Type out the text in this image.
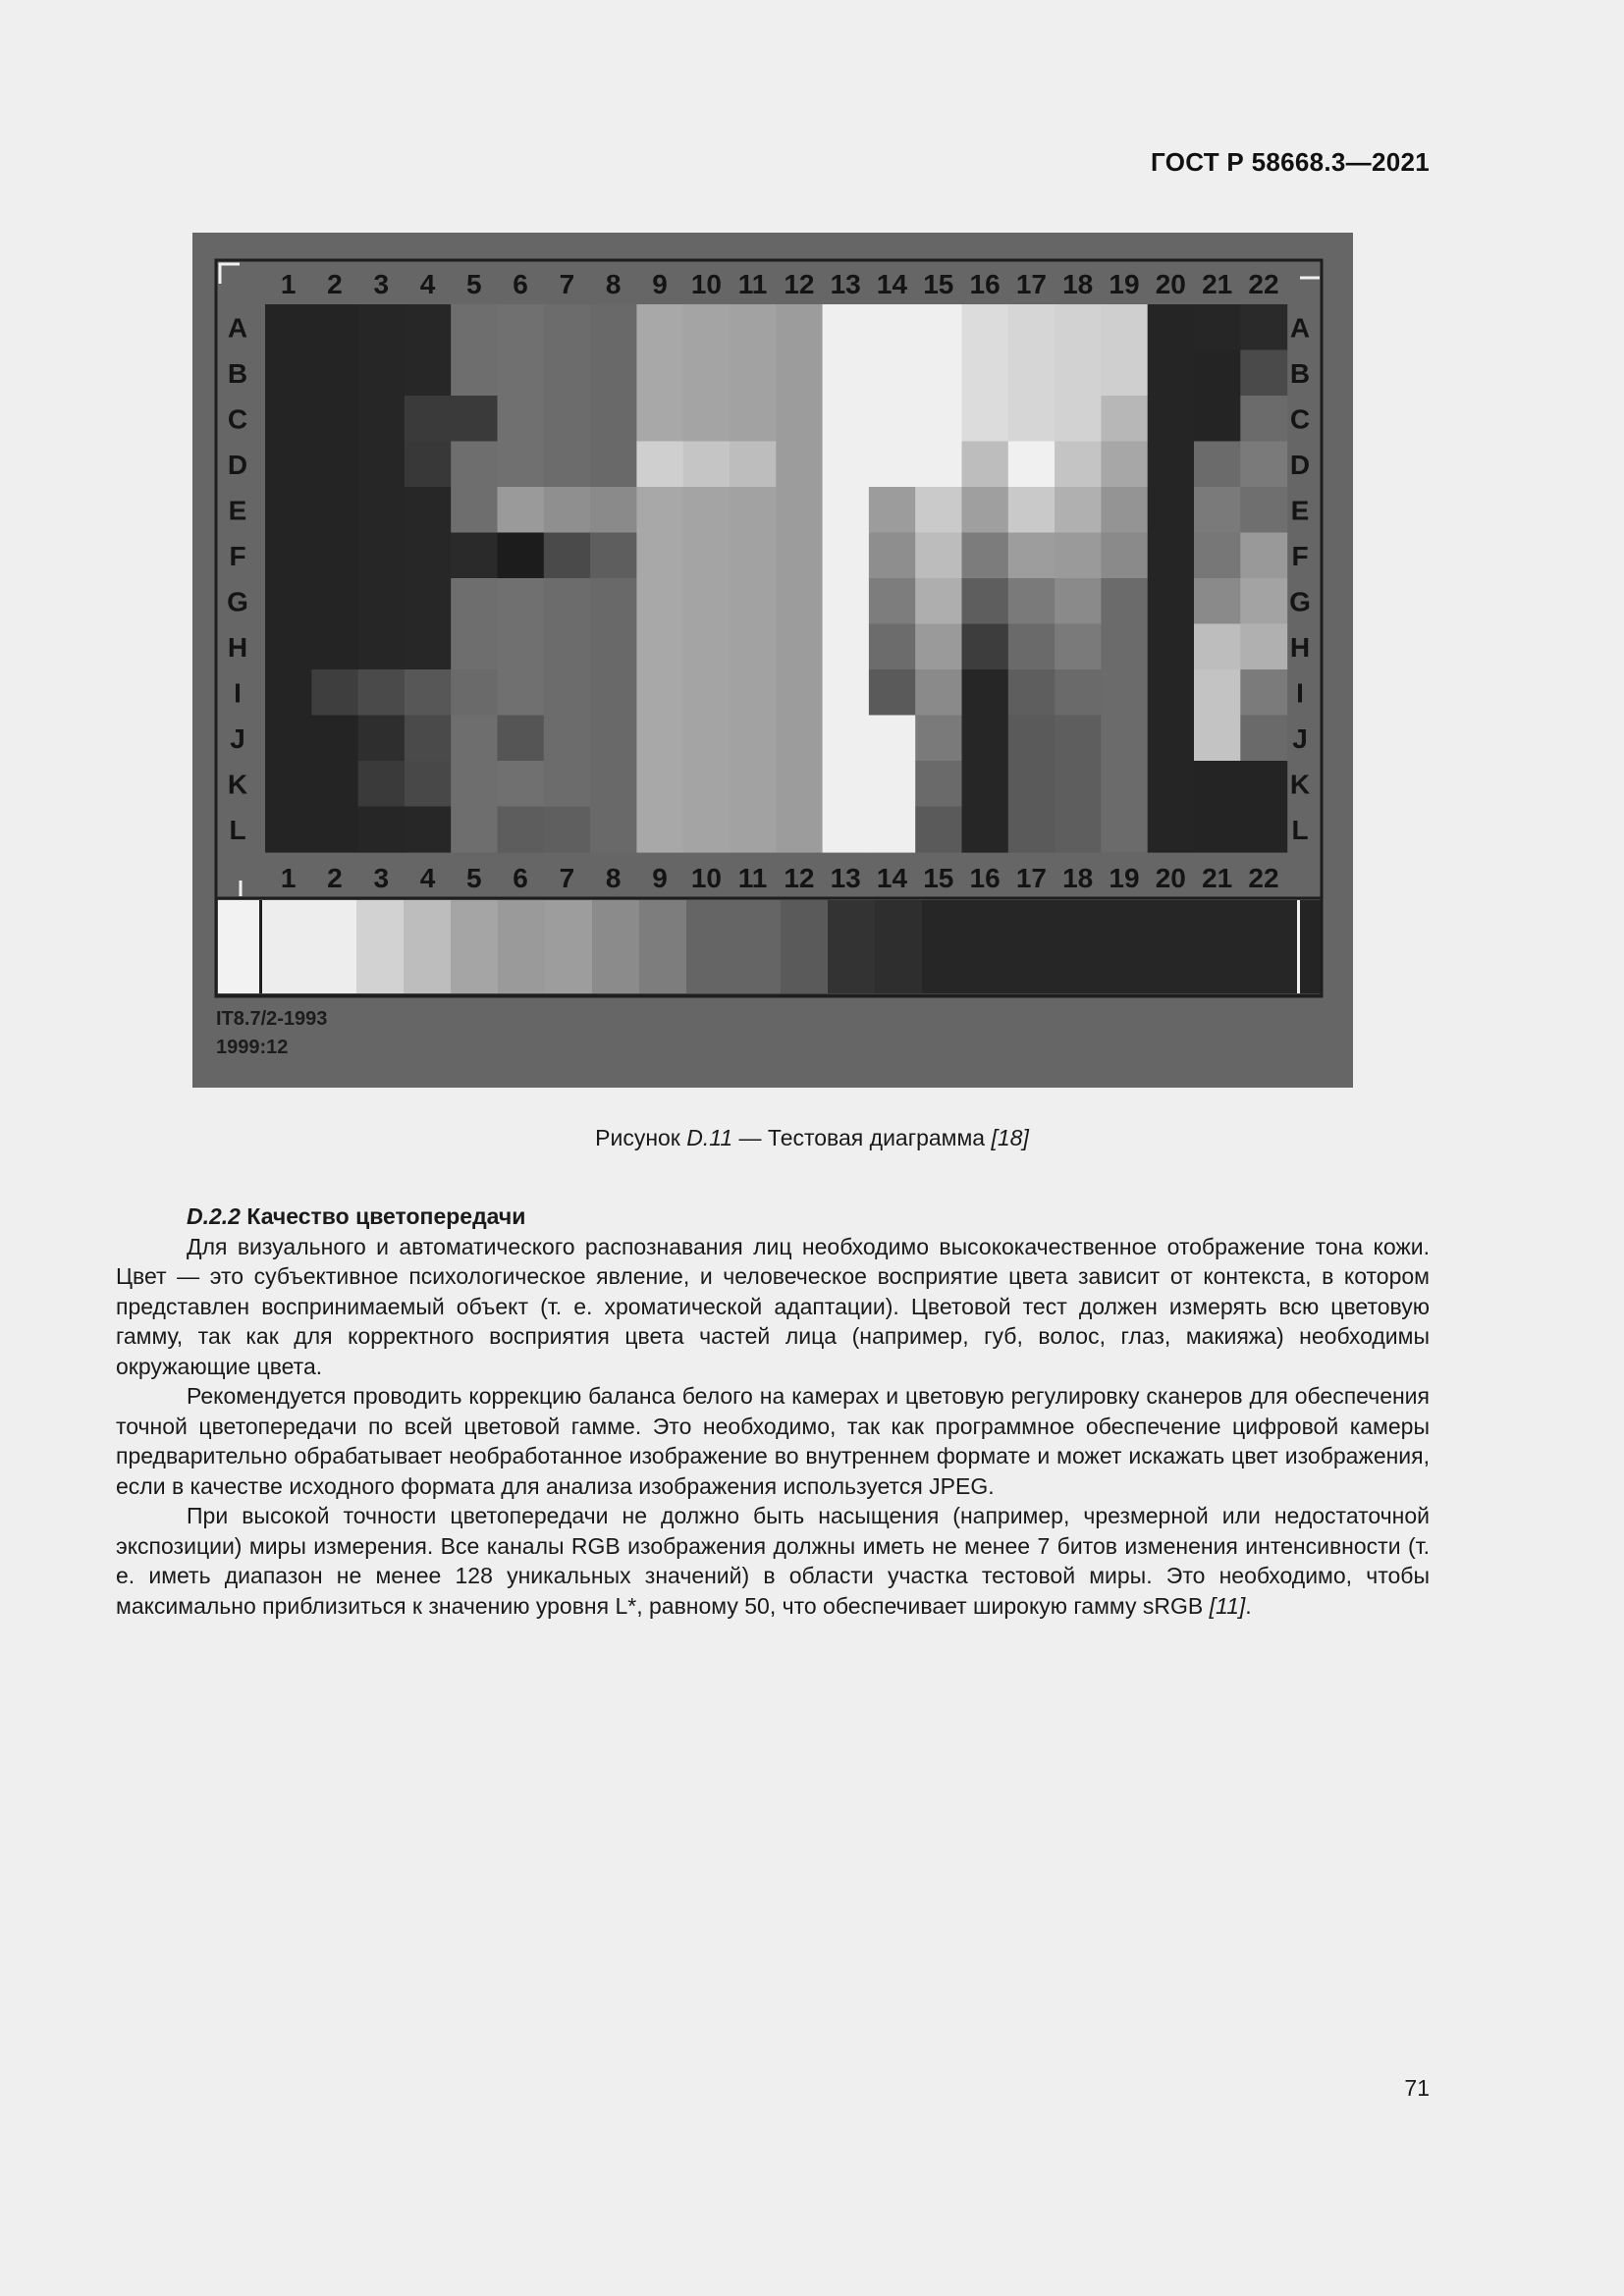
ГОСТ Р 58668.3—2021
1 2 3 4 5 6 7 8 9 10 11 12 13 14 15 16 17 18 19 20 21 22
1 2 3 4 5 6 7 8 9 10 11 12 13 14 15 16 17 18 19 20 21 22
A
B
C
D
E
F
G
H
I
J
K
L
A
B
C
D
E
F
G
H
I
J
K
L
IT8.7/2-1993
1999:12
Рисунок D.11 — Тестовая диаграмма [18]
D.2.2 Качество цветопередачи

Для визуального и автоматического распознавания лиц необходимо высококачественное отображение тона кожи. Цвет — это субъективное психологическое явление, и человеческое восприятие цвета зависит от контекста, в котором представлен воспринимаемый объект (т. е. хроматической адаптации). Цветовой тест должен измерять всю цветовую гамму, так как для корректного восприятия цвета частей лица (например, губ, волос, глаз, макияжа) необходимы окружающие цвета.

Рекомендуется проводить коррекцию баланса белого на камерах и цветовую регулировку сканеров для обеспечения точной цветопередачи по всей цветовой гамме. Это необходимо, так как программное обеспечение цифровой камеры предварительно обрабатывает необработанное изображение во внутреннем формате и может искажать цвет изображения, если в качестве исходного формата для анализа изображения используется JPEG.

При высокой точности цветопередачи не должно быть насыщения (например, чрезмерной или недостаточной экспозиции) миры измерения. Все каналы RGB изображения должны иметь не менее 7 битов изменения интенсивности (т. е. иметь диапазон не менее 128 уникальных значений) в области участка тестовой миры. Это необходимо, чтобы максимально приблизиться к значению уровня L*, равному 50, что обеспечивает широкую гамму sRGB [11].

71
